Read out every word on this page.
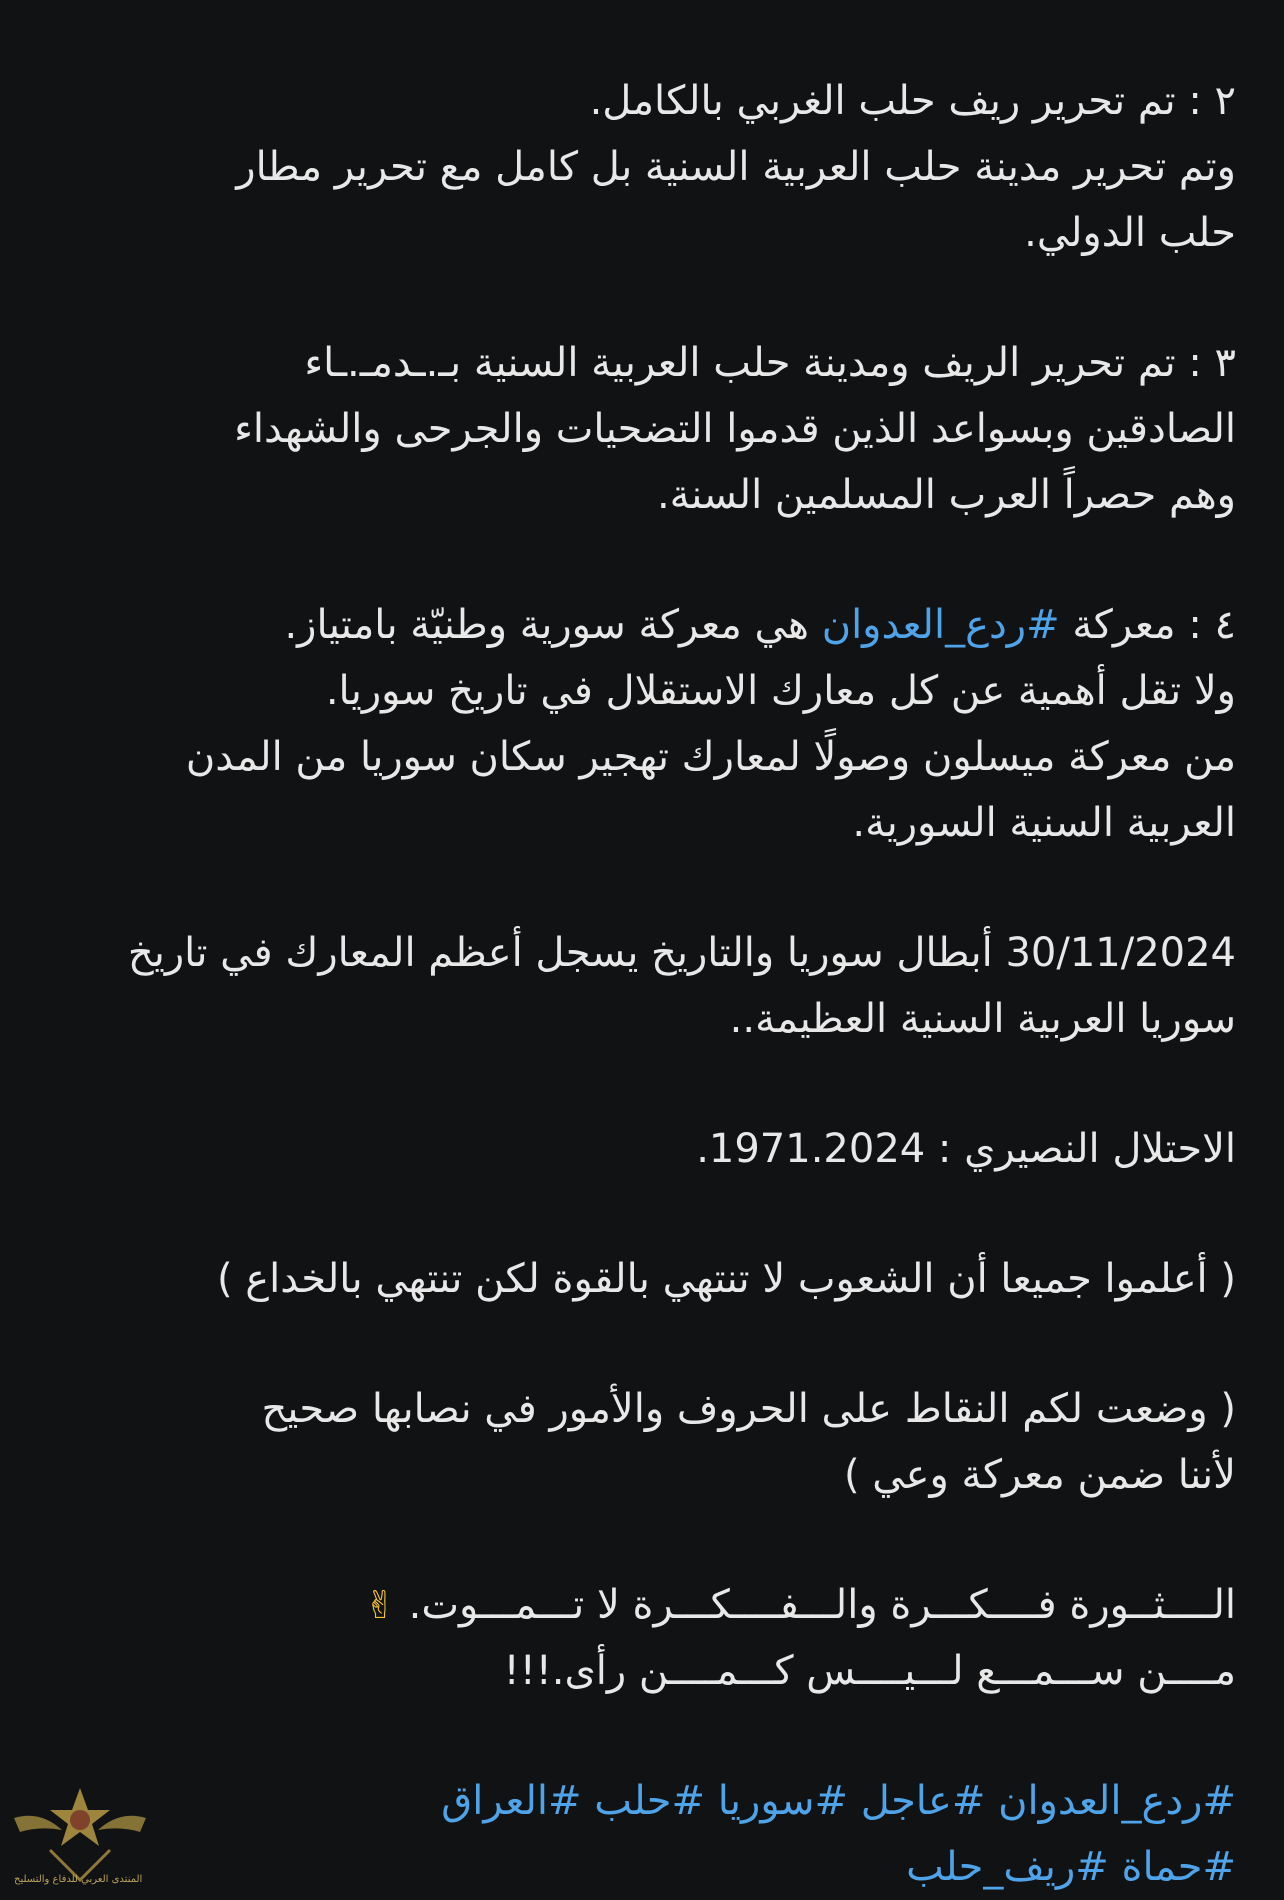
٢ : تم تحرير ريف حلب الغربي بالكامل.
وتم تحرير مدينة حلب العربية السنية بل كامل مع تحرير مطار
حلب الدولي.
٣ : تم تحرير الريف ومدينة حلب العربية السنية بـ.ـدمـ.ـاء
الصادقين وبسواعد الذين قدموا التضحيات والجرحى والشهداء
وهم حصراً العرب المسلمين السنة.
٤ : معركة #ردع_العدوان هي معركة سورية وطنيّة بامتياز.
ولا تقل أهمية عن كل معارك الاستقلال في تاريخ سوريا.
من معركة ميسلون وصولًا لمعارك تهجير سكان سوريا من المدن
العربية السنية السورية.
30/11/2024 أبطال سوريا والتاريخ يسجل أعظم المعارك في تاريخ
سوريا العربية السنية العظيمة..
الاحتلال النصيري : 1971.2024.
( أعلموا جميعا أن الشعوب لا تنتهي بالقوة لكن تنتهي بالخداع )
( وضعت لكم النقاط على الحروف والأمور في نصابها صحيح
لأننا ضمن معركة وعي )
الــــثــورة فــــكـــرة والـــفــــكـــرة لا تـــمـــوت. ✌
مــــن ســـمـــع لـــيــــس كـــمــــن رأى.!!!
#ردع_العدوان #عاجل #سوريا #حلب #العراق
#حماة #ريف_حلب
المنتدى العربي للدفاع والتسليح
